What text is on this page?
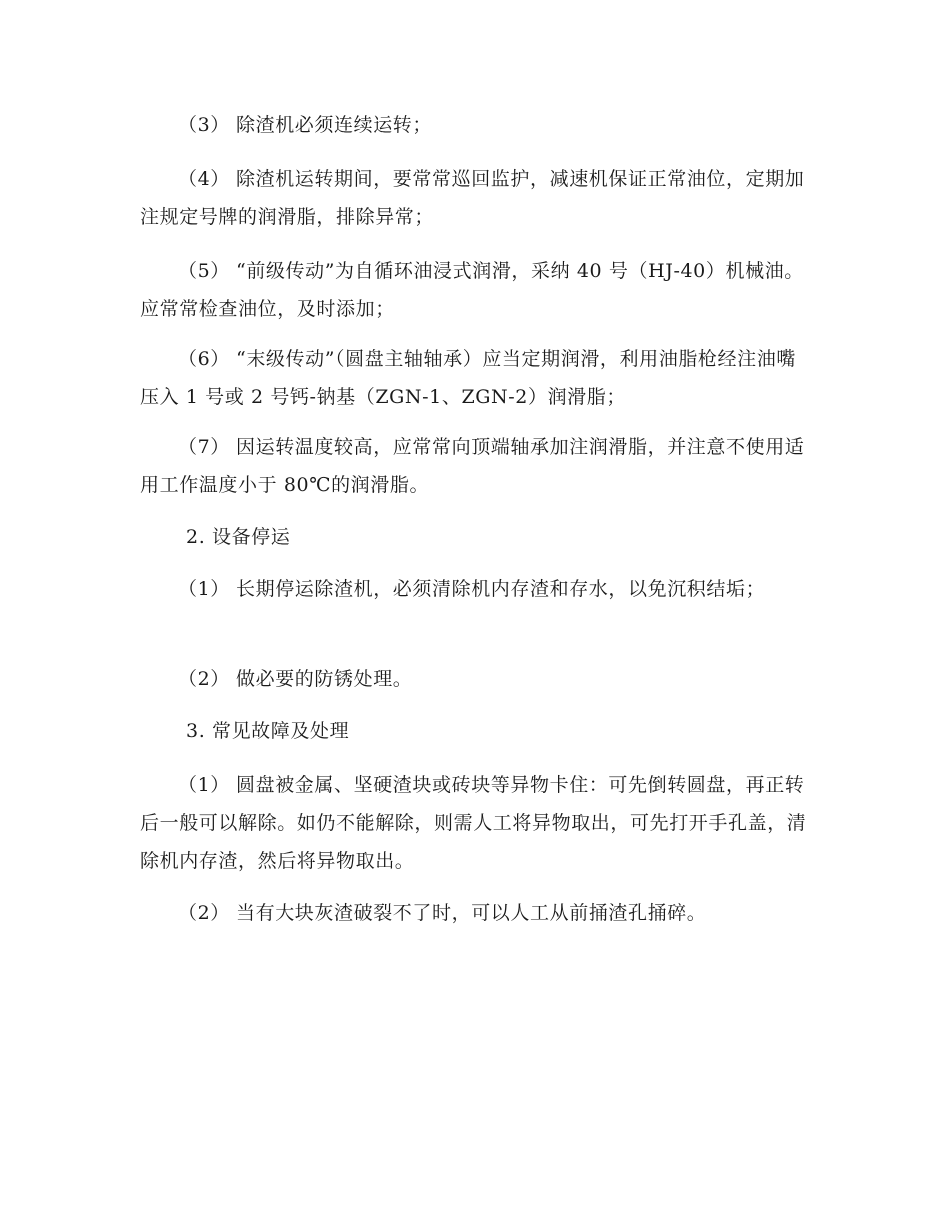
（3） 除渣机必须连续运转；

（4） 除渣机运转期间，要常常巡回监护，减速机保证正常油位，定期加注规定号牌的润滑脂，排除异常；

（5） “前级传动”为自循环油浸式润滑，采纳 40 号（HJ-40）机械油。应常常检查油位，及时添加；

（6） “末级传动”（圆盘主轴轴承）应当定期润滑，利用油脂枪经注油嘴压入 1 号或 2 号钙-钠基（ZGN-1、ZGN-2）润滑脂；

（7） 因运转温度较高，应常常向顶端轴承加注润滑脂，并注意不使用适用工作温度小于 80℃的润滑脂。

2. 设备停运

（1） 长期停运除渣机，必须清除机内存渣和存水，以免沉积结垢；

（2） 做必要的防锈处理。

3. 常见故障及处理

（1） 圆盘被金属、坚硬渣块或砖块等异物卡住：可先倒转圆盘，再正转后一般可以解除。如仍不能解除，则需人工将异物取出，可先打开手孔盖，清除机内存渣，然后将异物取出。

（2） 当有大块灰渣破裂不了时，可以人工从前捅渣孔捅碎。
